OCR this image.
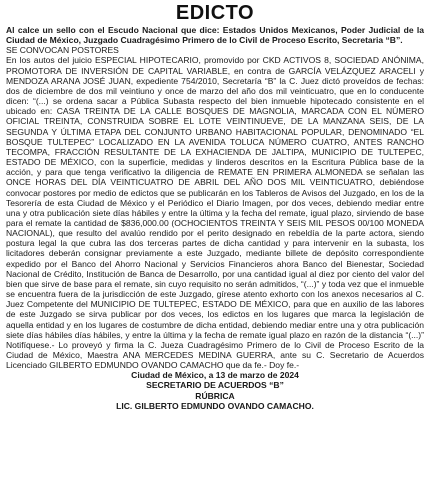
EDICTO

Al calce un sello con el Escudo Nacional que dice: Estados Unidos Mexicanos, Poder Judicial de la Ciudad de México, Juzgado Cuadragésimo Primero de lo Civil de Proceso Escrito, Secretaria “B”.

SE CONVOCAN POSTORES

En los autos del juicio ESPECIAL HIPOTECARIO, promovido por CKD ACTIVOS 8, SOCIEDAD ANÓNIMA, PROMOTORA DE INVERSIÓN DE CAPITAL VARIABLE, en contra de GARCÍA VELÁZQUEZ ARACELI y MENDOZA ARANA JOSÉ JUAN, expediente 754/2010, Secretaría “B” la C. Juez dictó proveídos de fechas: dos de diciembre de dos mil veintiuno y once de marzo del año dos mil veinticuatro, que en lo conducente dicen: “(...) se ordena sacar a Pública Subasta respecto del bien inmueble hipotecado consistente en el ubicado en: CASA TREINTA DE LA CALLE BOSQUES DE MAGNOLIA, MARCADA CON EL NÚMERO OFICIAL TREINTA, CONSTRUIDA SOBRE EL LOTE VEINTINUEVE, DE LA MANZANA SEIS, DE LA SEGUNDA Y ÚLTIMA ETAPA DEL CONJUNTO URBANO HABITACIONAL POPULAR, DENOMINADO “EL BOSQUE TULTEPEC” LOCALIZADO EN LA AVENIDA TOLUCA NÚMERO CUATRO, ANTES RANCHO TECOMPA, FRACCIÓN RESULTANTE DE LA EXHACIENDA DE JALTIPA, MUNICIPIO DE TULTEPEC, ESTADO DE MÉXICO, con la superficie, medidas y linderos descritos en la Escritura Pública base de la acción, y para que tenga verificativo la diligencia de REMATE EN PRIMERA ALMONEDA se señalan las ONCE HORAS DEL DÍA VEINTICUATRO DE ABRIL DEL AÑO DOS MIL VEINTICUATRO, debiéndose convocar postores por medio de edictos que se publicarán en los Tableros de Avisos del Juzgado, en los de la Tesorería de esta Ciudad de México y el Periódico el Diario Imagen, por dos veces, debiendo mediar entre una y otra publicación siete días hábiles y entre la última y la fecha del remate, igual plazo, sirviendo de base para el remate la cantidad de $836,000.00 (OCHOCIENTOS TREINTA Y SEIS MIL PESOS 00/100 MONEDA NACIONAL), que resulto del avalúo rendido por el perito designado en rebeldía de la parte actora, siendo postura legal la que cubra las dos terceras partes de dicha cantidad y para intervenir en la subasta, los licitadores deberán consignar previamente a este Juzgado, mediante billete de depósito correspondiente expedido por el Banco del Ahorro Nacional y Servicios Financieros ahora Banco del Bienestar, Sociedad Nacional de Crédito, Institución de Banca de Desarrollo, por una cantidad igual al diez por ciento del valor del bien que sirve de base para el remate, sin cuyo requisito no serán admitidos, “(...)” y toda vez que el inmueble se encuentra fuera de la jurisdicción de este Juzgado, gírese atento exhorto con los anexos necesarios al C. Juez Competente del MUNICIPIO DE TULTEPEC, ESTADO DE MÉXICO, para que en auxilio de las labores de este Juzgado se sirva publicar por dos veces, los edictos en los lugares que marca la legislación de aquella entidad y en los lugares de costumbre de dicha entidad, debiendo mediar entre una y otra publicación siete días hábiles días hábiles, y entre la última y la fecha de remate igual plazo en razón de la distancia “(...)” Notifíquese.- Lo proveyó y firma la C. Jueza Cuadragésimo Primero de lo Civil de Proceso Escrito de la Ciudad de México, Maestra ANA MERCEDES MEDINA GUERRA, ante su C. Secretario de Acuerdos Licenciado GILBERTO EDMUNDO OVANDO CAMACHO que da fe.- Doy fe.-

Ciudad de México, a 13 de marzo de 2024

SECRETARIO DE ACUERDOS “B”

RÚBRICA

LIC. GILBERTO EDMUNDO OVANDO CAMACHO.
